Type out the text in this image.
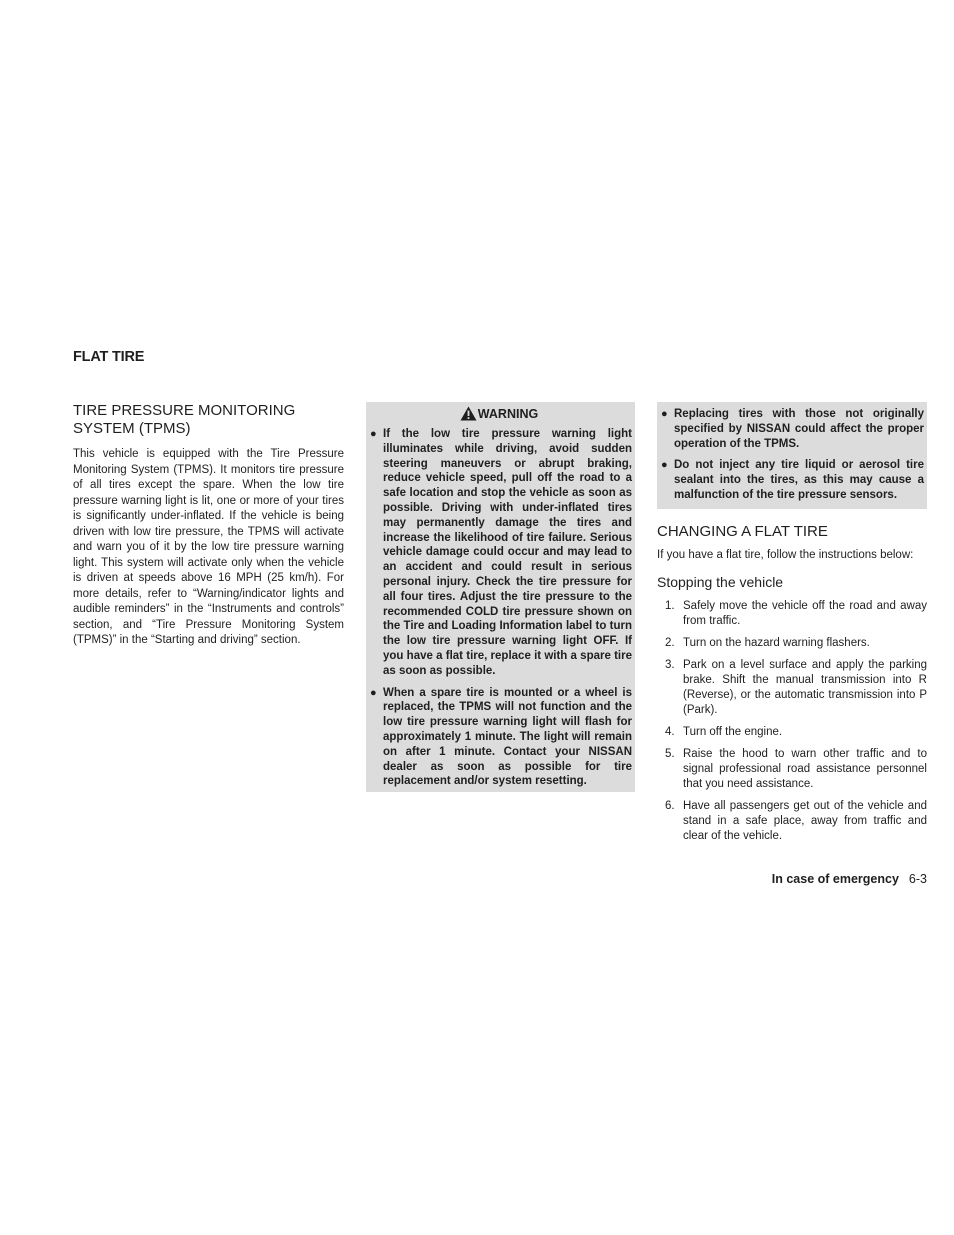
FLAT TIRE
TIRE PRESSURE MONITORING SYSTEM (TPMS)

This vehicle is equipped with the Tire Pressure Monitoring System (TPMS). It monitors tire pressure of all tires except the spare. When the low tire pressure warning light is lit, one or more of your tires is significantly under-inflated. If the vehicle is being driven with low tire pressure, the TPMS will activate and warn you of it by the low tire pressure warning light. This system will activate only when the vehicle is driven at speeds above 16 MPH (25 km/h). For more details, refer to “Warning/indicator lights and audible reminders” in the “Instruments and controls” section, and “Tire Pressure Monitoring System (TPMS)” in the “Starting and driving” section.

WARNING
● If the low tire pressure warning light illuminates while driving, avoid sudden steering maneuvers or abrupt braking, reduce vehicle speed, pull off the road to a safe location and stop the vehicle as soon as possible. Driving with under-inflated tires may permanently damage the tires and increase the likelihood of tire failure. Serious vehicle damage could occur and may lead to an accident and could result in serious personal injury. Check the tire pressure for all four tires. Adjust the tire pressure to the recommended COLD tire pressure shown on the Tire and Loading Information label to turn the low tire pressure warning light OFF. If you have a flat tire, replace it with a spare tire as soon as possible.
● When a spare tire is mounted or a wheel is replaced, the TPMS will not function and the low tire pressure warning light will flash for approximately 1 minute. The light will remain on after 1 minute. Contact your NISSAN dealer as soon as possible for tire replacement and/or system resetting.
● Replacing tires with those not originally specified by NISSAN could affect the proper operation of the TPMS.
● Do not inject any tire liquid or aerosol tire sealant into the tires, as this may cause a malfunction of the tire pressure sensors.
CHANGING A FLAT TIRE

If you have a flat tire, follow the instructions below:

Stopping the vehicle
1. Safely move the vehicle off the road and away from traffic.
2. Turn on the hazard warning flashers.
3. Park on a level surface and apply the parking brake. Shift the manual transmission into R (Reverse), or the automatic transmission into P (Park).
4. Turn off the engine.
5. Raise the hood to warn other traffic and to signal professional road assistance personnel that you need assistance.
6. Have all passengers get out of the vehicle and stand in a safe place, away from traffic and clear of the vehicle.
In case of emergency 6-3
